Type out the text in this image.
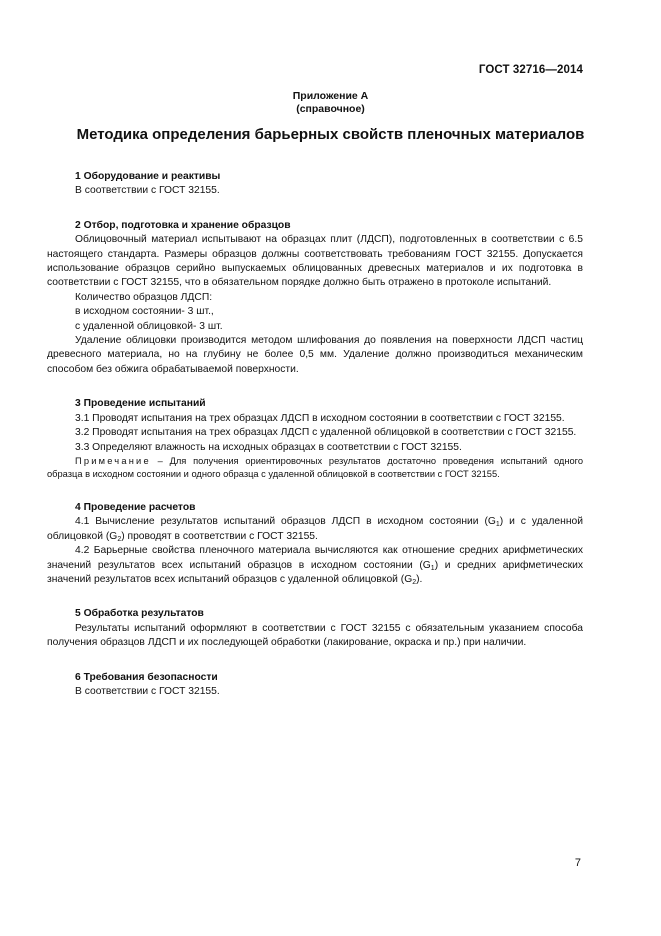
ГОСТ 32716—2014
Приложение А
(справочное)
Методика определения барьерных свойств пленочных материалов

1 Оборудование и реактивы

В соответствии с ГОСТ 32155.

2 Отбор, подготовка и хранение образцов

Облицовочный материал испытывают на образцах плит (ЛДСП), подготовленных в соответствии с 6.5 настоящего стандарта. Размеры образцов должны соответствовать требованиям ГОСТ 32155. Допускается использование образцов серийно выпускаемых облицованных древесных материалов и их подготовка в соответствии с ГОСТ 32155, что в обязательном порядке должно быть отражено в протоколе испытаний.

Количество образцов ЛДСП:

в исходном состоянии- 3 шт.,

с удаленной облицовкой- 3 шт.

Удаление облицовки производится методом шлифования до появления на поверхности ЛДСП частиц древесного материала, но на глубину не более 0,5 мм. Удаление должно производиться механическим способом без обжига обрабатываемой поверхности.

3 Проведение испытаний

3.1 Проводят испытания на трех образцах ЛДСП в исходном состоянии в соответствии с ГОСТ 32155.

3.2 Проводят испытания на трех образцах ЛДСП с удаленной облицовкой в соответствии с ГОСТ 32155.

3.3 Определяют влажность на исходных образцах в соответствии с ГОСТ 32155.

Примечание – Для получения ориентировочных результатов достаточно проведения испытаний одного образца в исходном состоянии и одного образца с удаленной облицовкой в соответствии с ГОСТ 32155.

4 Проведение расчетов

4.1 Вычисление результатов испытаний образцов ЛДСП в исходном состоянии $(G_1)$ и с удаленной облицовкой $(G_2)$ проводят в соответствии с ГОСТ 32155.

4.2 Барьерные свойства пленочного материала вычисляются как отношение средних арифметических значений результатов всех испытаний образцов в исходном состоянии $(G_1)$ и средних арифметических значений результатов всех испытаний образцов с удаленной облицовкой $(G_2)$.

5 Обработка результатов

Результаты испытаний оформляют в соответствии с ГОСТ 32155 с обязательным указанием способа получения образцов ЛДСП и их последующей обработки (лакирование, окраска и пр.) при наличии.

6 Требования безопасности

В соответствии с ГОСТ 32155.

7
